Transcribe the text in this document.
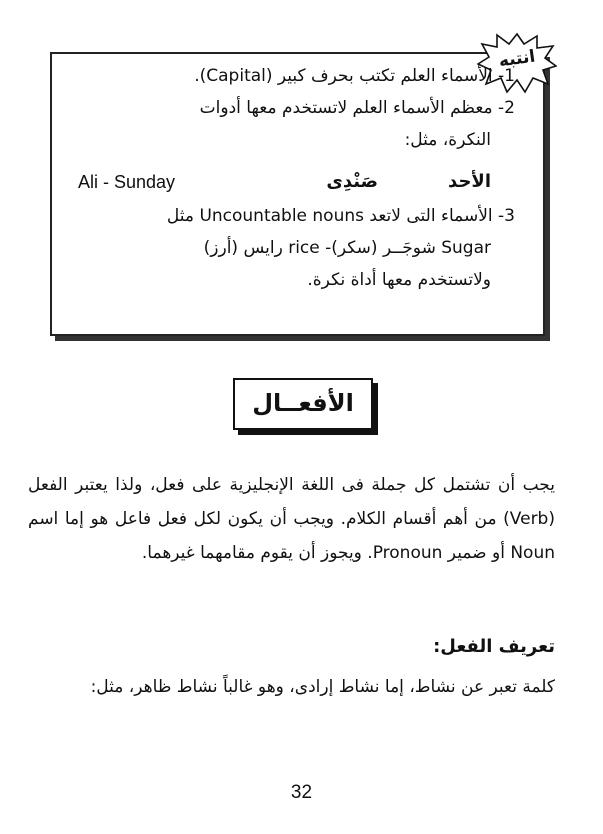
انتبه
1- الأسماء العلم تكتب بحرف كبير (Capital).
2- معظم الأسماء العلم لاتستخدم معها أدوات
النكرة، مثل:
Ali - Sunday	الأحد
صَنْدِى
3- الأسماء التى لاتعد Uncountable nouns مثل
Sugar شوجَــر (سكر)- rice رايس (أرز)
ولاتستخدم معها أداة نكرة.
الأفعــال
يجب أن تشتمل كل جملة فى اللغة الإنجليزية على فعل، ولذا يعتبر الفعل (Verb) من أهم أقسام الكلام. ويجب أن يكون لكل فعل فاعل هو إما اسم Noun أو ضمير Pronoun. ويجوز أن يقوم مقامهما غيرهما.
تعريف الفعل:
كلمة تعبر عن نشاط، إما نشاط إرادى، وهو غالباً نشاط ظاهر، مثل:
32
